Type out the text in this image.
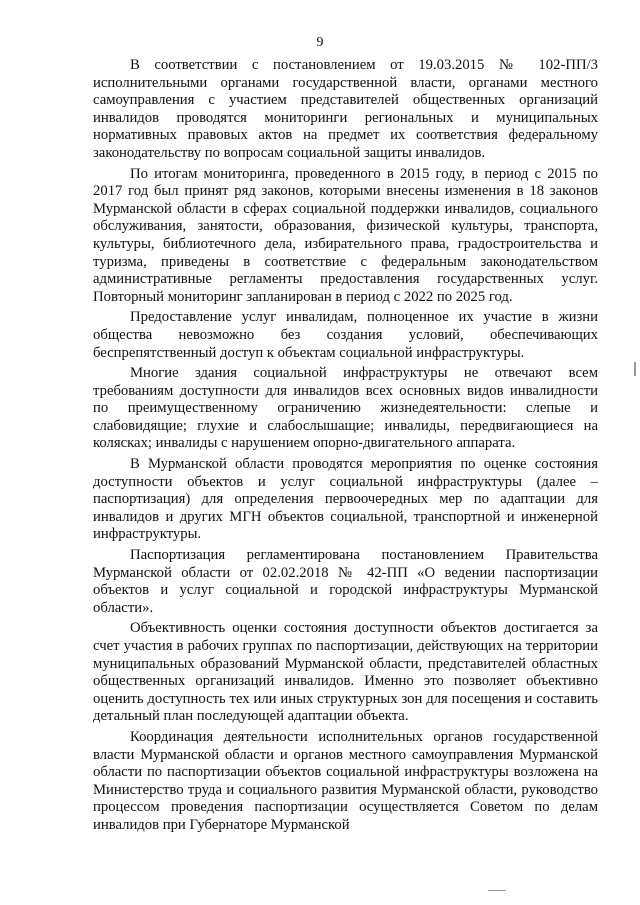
9

В соответствии с постановлением от 19.03.2015 № 102-ПП/3 исполнительными органами государственной власти, органами местного самоуправления с участием представителей общественных организаций инвалидов проводятся мониторинги региональных и муниципальных нормативных правовых актов на предмет их соответствия федеральному законодательству по вопросам социальной защиты инвалидов.

По итогам мониторинга, проведенного в 2015 году, в период с 2015 по 2017 год был принят ряд законов, которыми внесены изменения в 18 законов Мурманской области в сферах социальной поддержки инвалидов, социального обслуживания, занятости, образования, физической культуры, транспорта, культуры, библиотечного дела, избирательного права, градостроительства и туризма, приведены в соответствие с федеральным законодательством административные регламенты предоставления государственных услуг. Повторный мониторинг запланирован в период с 2022 по 2025 год.

Предоставление услуг инвалидам, полноценное их участие в жизни общества невозможно без создания условий, обеспечивающих беспрепятственный доступ к объектам социальной инфраструктуры.

Многие здания социальной инфраструктуры не отвечают всем требованиям доступности для инвалидов всех основных видов инвалидности по преимущественному ограничению жизнедеятельности: слепые и слабовидящие; глухие и слабослышащие; инвалиды, передвигающиеся на колясках; инвалиды с нарушением опорно-двигательного аппарата.

В Мурманской области проводятся мероприятия по оценке состояния доступности объектов и услуг социальной инфраструктуры (далее – паспортизация) для определения первоочередных мер по адаптации для инвалидов и других МГН объектов социальной, транспортной и инженерной инфраструктуры.

Паспортизация регламентирована постановлением Правительства Мурманской области от 02.02.2018 № 42-ПП «О ведении паспортизации объектов и услуг социальной и городской инфраструктуры Мурманской области».

Объективность оценки состояния доступности объектов достигается за счет участия в рабочих группах по паспортизации, действующих на территории муниципальных образований Мурманской области, представителей областных общественных организаций инвалидов. Именно это позволяет объективно оценить доступность тех или иных структурных зон для посещения и составить детальный план последующей адаптации объекта.

Координация деятельности исполнительных органов государственной власти Мурманской области и органов местного самоуправления Мурманской области по паспортизации объектов социальной инфраструктуры возложена на Министерство труда и социального развития Мурманской области, руководство процессом проведения паспортизации осуществляется Советом по делам инвалидов при Губернаторе Мурманской
